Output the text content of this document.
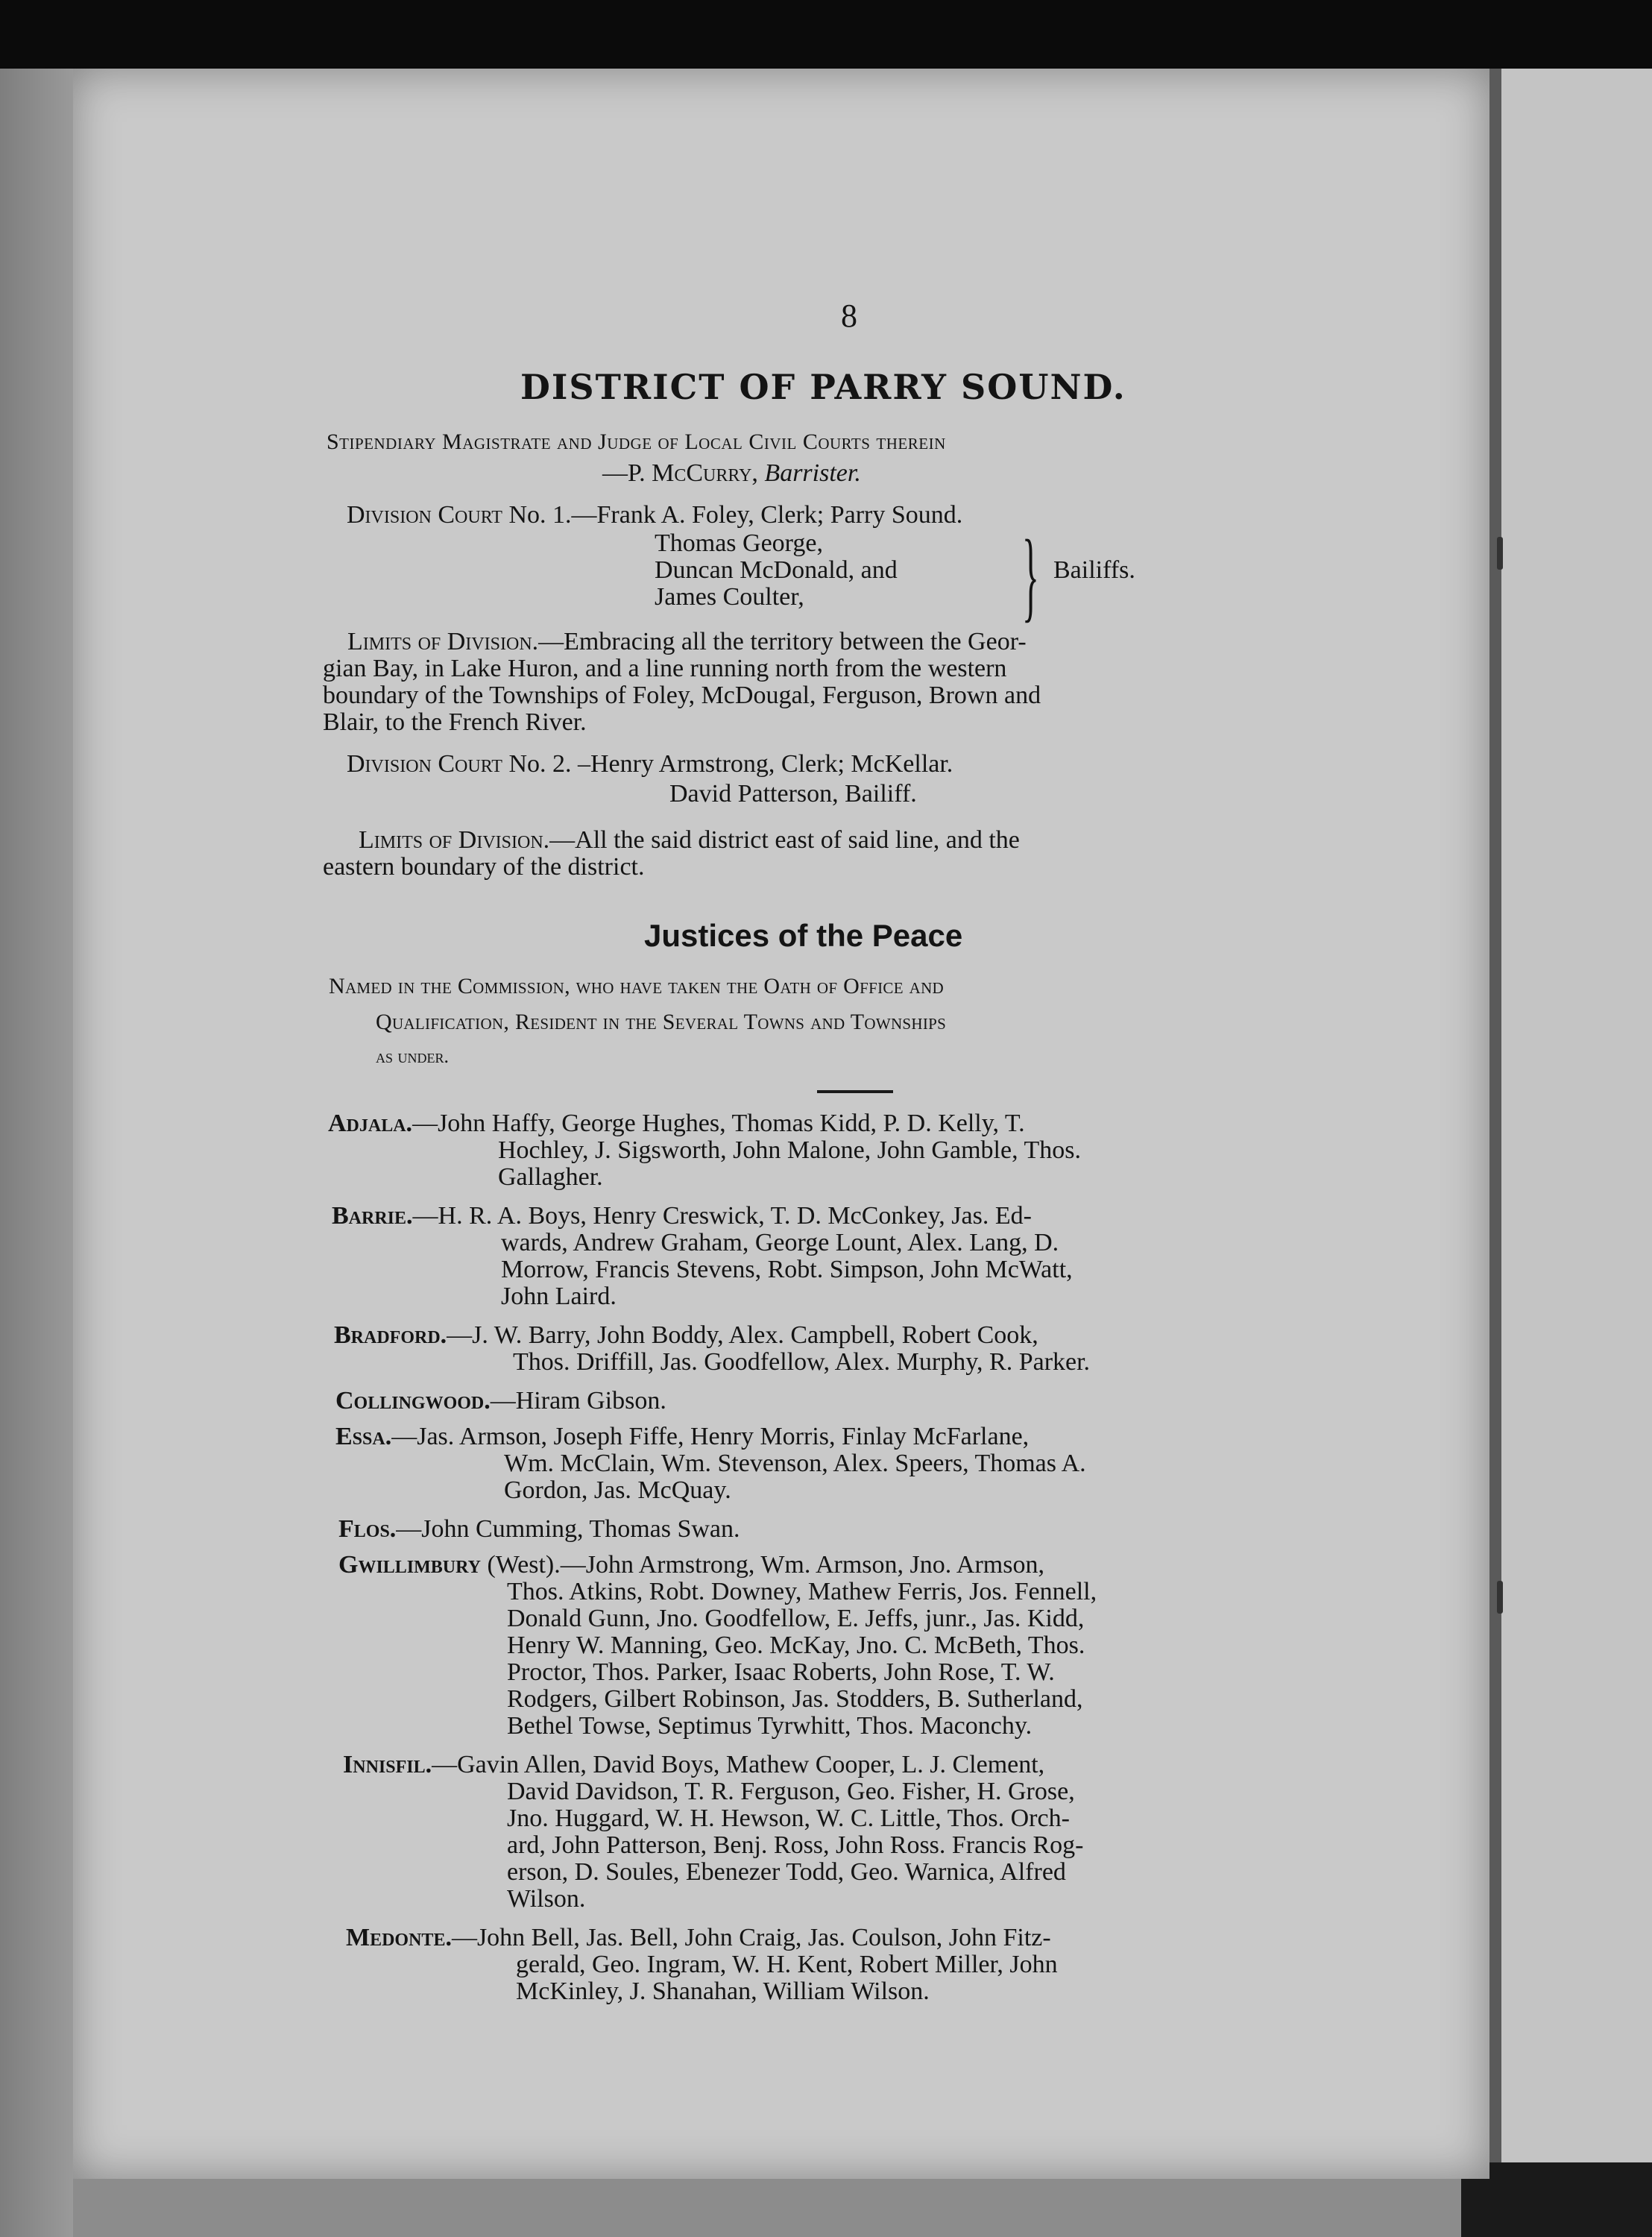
8
DISTRICT OF PARRY SOUND.
Stipendiary Magistrate and Judge of Local Civil Courts therein
—P. McCurry, Barrister.
Division Court No. 1.—Frank A. Foley, Clerk; Parry Sound.
Thomas George,
Duncan McDonald, and
James Coulter, } Bailiffs.
Limits of Division.—Embracing all the territory between the Geor-
gian Bay, in Lake Huron, and a line running north from the western
boundary of the Townships of Foley, McDougal, Ferguson, Brown and
Blair, to the French River.
Division Court No. 2. –Henry Armstrong, Clerk; McKellar.
David Patterson, Bailiff.
Limits of Division.—All the said district east of said line, and the
eastern boundary of the district.
Justices of the Peace
Named in the Commission, who have taken the Oath of Office and
Qualification, Resident in the Several Towns and Townships
as under.
Adjala.—John Haffy, George Hughes, Thomas Kidd, P. D. Kelly, T.
Hochley, J. Sigsworth, John Malone, John Gamble, Thos.
Gallagher.
Barrie.—H. R. A. Boys, Henry Creswick, T. D. McConkey, Jas. Ed-
wards, Andrew Graham, George Lount, Alex. Lang, D.
Morrow, Francis Stevens, Robt. Simpson, John McWatt,
John Laird.
Bradford.—J. W. Barry, John Boddy, Alex. Campbell, Robert Cook,
Thos. Driffill, Jas. Goodfellow, Alex. Murphy, R. Parker.
Collingwood.—Hiram Gibson.
Essa.—Jas. Armson, Joseph Fiffe, Henry Morris, Finlay McFarlane,
Wm. McClain, Wm. Stevenson, Alex. Speers, Thomas A.
Gordon, Jas. McQuay.
Flos.—John Cumming, Thomas Swan.
Gwillimbury (West).—John Armstrong, Wm. Armson, Jno. Armson,
Thos. Atkins, Robt. Downey, Mathew Ferris, Jos. Fennell,
Donald Gunn, Jno. Goodfellow, E. Jeffs, junr., Jas. Kidd,
Henry W. Manning, Geo. McKay, Jno. C. McBeth, Thos.
Proctor, Thos. Parker, Isaac Roberts, John Rose, T. W.
Rodgers, Gilbert Robinson, Jas. Stodders, B. Sutherland,
Bethel Towse, Septimus Tyrwhitt, Thos. Maconchy.
Innisfil.—Gavin Allen, David Boys, Mathew Cooper, L. J. Clement,
David Davidson, T. R. Ferguson, Geo. Fisher, H. Grose,
Jno. Huggard, W. H. Hewson, W. C. Little, Thos. Orch-
ard, John Patterson, Benj. Ross, John Ross. Francis Rog-
erson, D. Soules, Ebenezer Todd, Geo. Warnica, Alfred
Wilson.
Medonte.—John Bell, Jas. Bell, John Craig, Jas. Coulson, John Fitz-
gerald, Geo. Ingram, W. H. Kent, Robert Miller, John
McKinley, J. Shanahan, William Wilson.
